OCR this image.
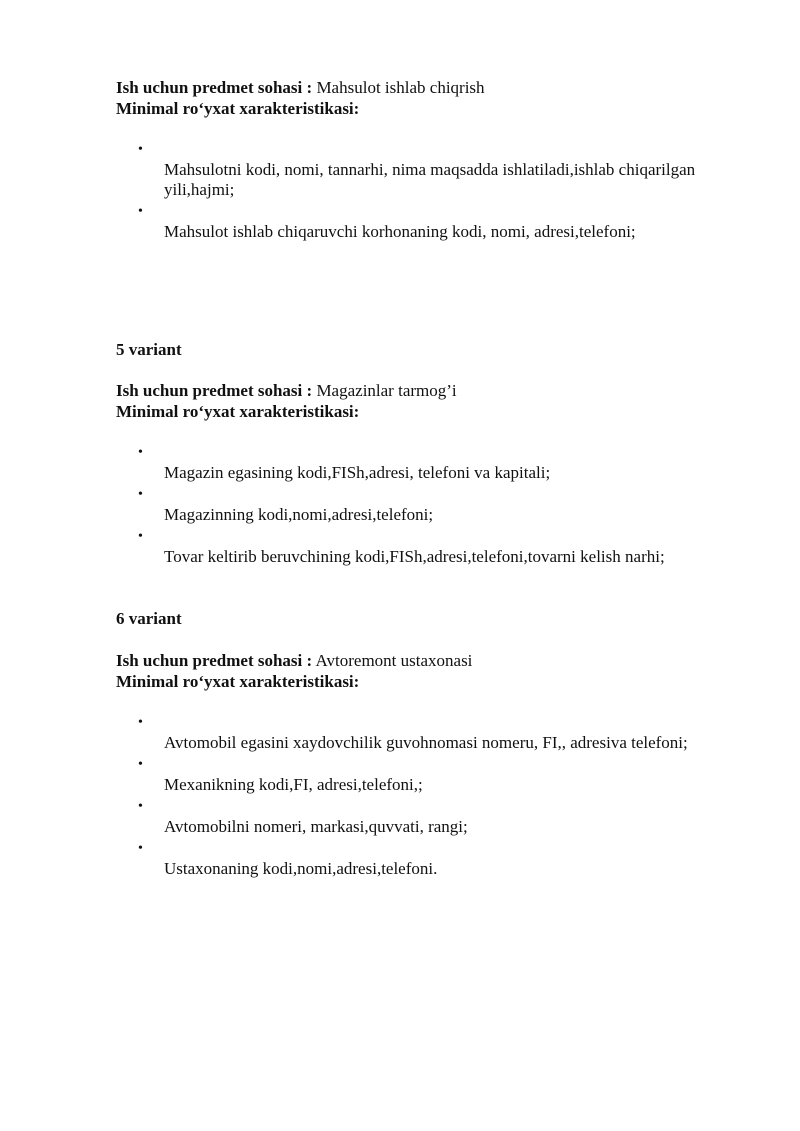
Ish uchun predmet sohasi : Mahsulot ishlab chiqrish
Minimal ro‘yxat xarakteristikasi:
•
Mahsulotni kodi, nomi, tannarhi, nima maqsadda ishlatiladi,ishlab chiqarilgan yili,hajmi;
•
Mahsulot ishlab chiqaruvchi korhonaning kodi, nomi, adresi,telefoni;
5 variant
Ish uchun predmet sohasi : Magazinlar tarmog’i
Minimal ro‘yxat xarakteristikasi:
•
Magazin egasining kodi,FISh,adresi, telefoni va kapitali;
•
Magazinning kodi,nomi,adresi,telefoni;
•
Tovar keltirib beruvchining kodi,FISh,adresi,telefoni,tovarni kelish narhi;
6 variant
Ish uchun predmet sohasi : Avtoremont ustaxonasi
Minimal ro‘yxat xarakteristikasi:
•
Avtomobil egasini xaydovchilik guvohnomasi nomeru, FI,, adresiva telefoni;
•
Mexanikning kodi,FI, adresi,telefoni,;
•
Avtomobilni nomeri, markasi,quvvati, rangi;
•
Ustaxonaning kodi,nomi,adresi,telefoni.
